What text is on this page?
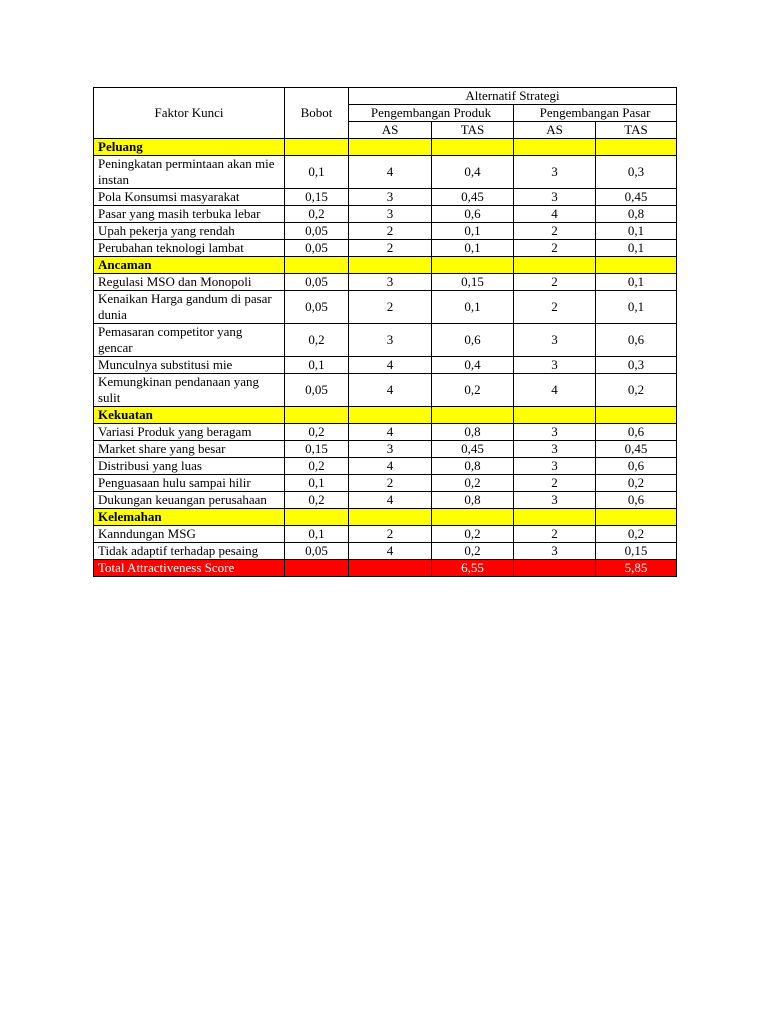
Faktor Kunci	Bobot	Alternatif Strategi			
		Pengembangan Produk		Pengembangan Pasar	
		AS	TAS	AS	TAS
Peluang					
Peningkatan permintaan akan mie instan	0,1	4	0,4	3	0,3
Pola Konsumsi masyarakat	0,15	3	0,45	3	0,45
Pasar yang masih terbuka lebar	0,2	3	0,6	4	0,8
Upah pekerja yang rendah	0,05	2	0,1	2	0,1
Perubahan teknologi lambat	0,05	2	0,1	2	0,1
Ancaman					
Regulasi MSO dan Monopoli	0,05	3	0,15	2	0,1
Kenaikan Harga gandum di pasar dunia	0,05	2	0,1	2	0,1
Pemasaran competitor yang gencar	0,2	3	0,6	3	0,6
Munculnya substitusi mie	0,1	4	0,4	3	0,3
Kemungkinan pendanaan yang sulit	0,05	4	0,2	4	0,2
Kekuatan					
Variasi Produk yang beragam	0,2	4	0,8	3	0,6
Market share yang besar	0,15	3	0,45	3	0,45
Distribusi yang luas	0,2	4	0,8	3	0,6
Penguasaan hulu sampai hilir	0,1	2	0,2	2	0,2
Dukungan keuangan perusahaan	0,2	4	0,8	3	0,6
Kelemahan					
Kanndungan MSG	0,1	2	0,2	2	0,2
Tidak adaptif terhadap pesaing	0,05	4	0,2	3	0,15
Total Attractiveness Score			6,55		5,85
